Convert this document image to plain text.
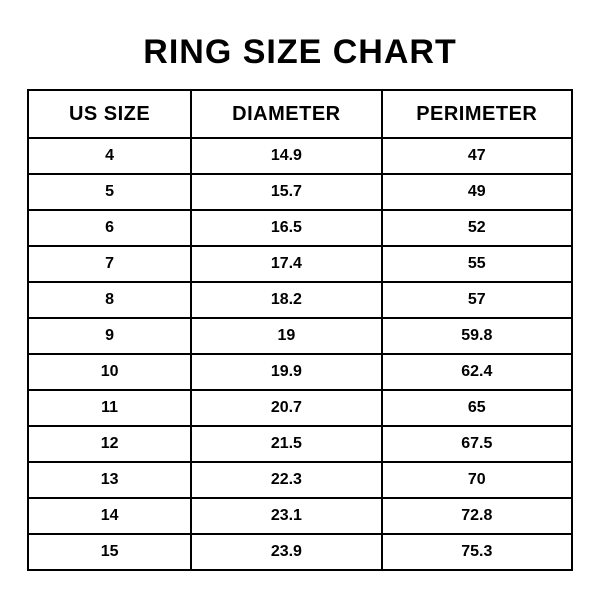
RING SIZE CHART
US SIZE	DIAMETER	PERIMETER
4	14.9	47
5	15.7	49
6	16.5	52
7	17.4	55
8	18.2	57
9	19	59.8
10	19.9	62.4
11	20.7	65
12	21.5	67.5
13	22.3	70
14	23.1	72.8
15	23.9	75.3
